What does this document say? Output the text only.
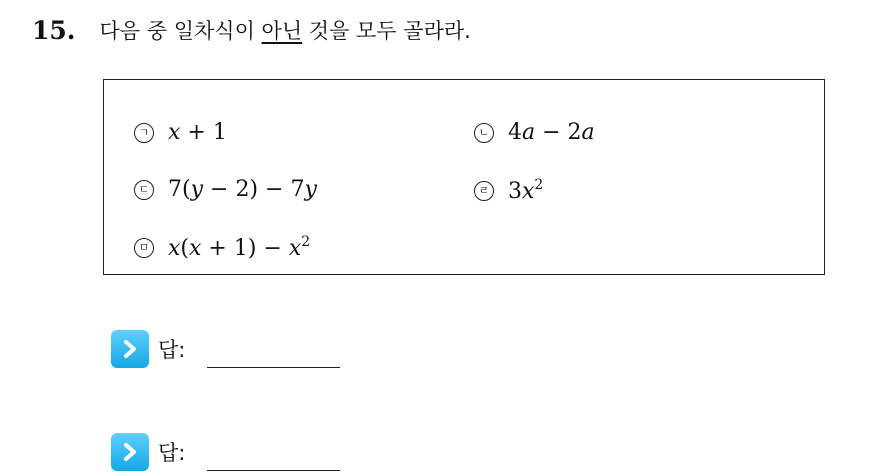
15. 다음 중 일차식이 아닌 것을 모두 골라라.
ㄱ x + 1	ㄴ 4a − 2a
ㄷ 7(y − 2) − 7y	ㄹ $3x^2$
ㅁ $x(x + 1) - x^2$
답:
답:
